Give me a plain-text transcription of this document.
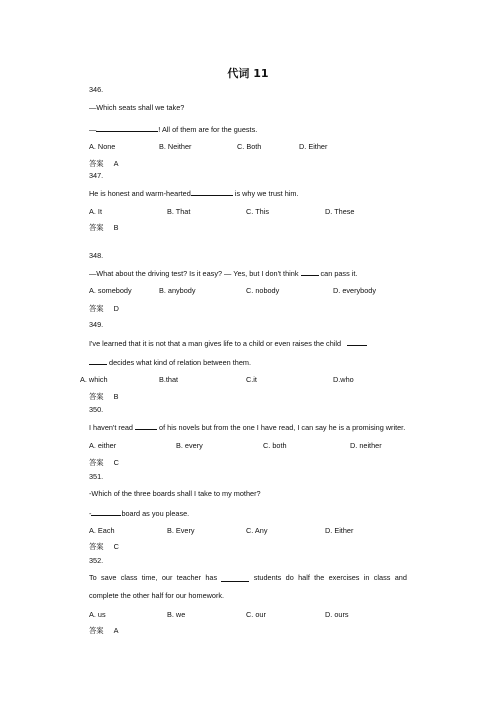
代词 11
346.
—Which seats shall we take?
—	! All of them are for the guests.
A. None	B. Neither	C. Both	D. Either
答案 A
347.
He is honest and warm-hearted	is why we trust him.
A. It	B. That	C. This	D. These
答案 B
348.
—What about the driving test? Is it easy? — Yes, but I don't think  can pass it.
A. somebody	B. anybody	C. nobody	D. everybody
答案 D
349.
I've learned that it is not that a man gives life to a child or even raises the child
decides what kind of relation between them.
A. which	B.that	C.it	D.who
答案 B
350.
I haven't read	of his novels but from the one I have read, I can say he is a promising writer.
A. either	B. every	C. both	D. neither
答案 C
351.
-Which of the three boards shall I take to my mother?
-	board as you please.
A. Each	B. Every	C. Any	D. Either
答案 C
352.
To save class time, our teacher has	students do half the exercises in class and
complete the other half for our homework.
A. us	B. we	C. our	D. ours
答案 A
